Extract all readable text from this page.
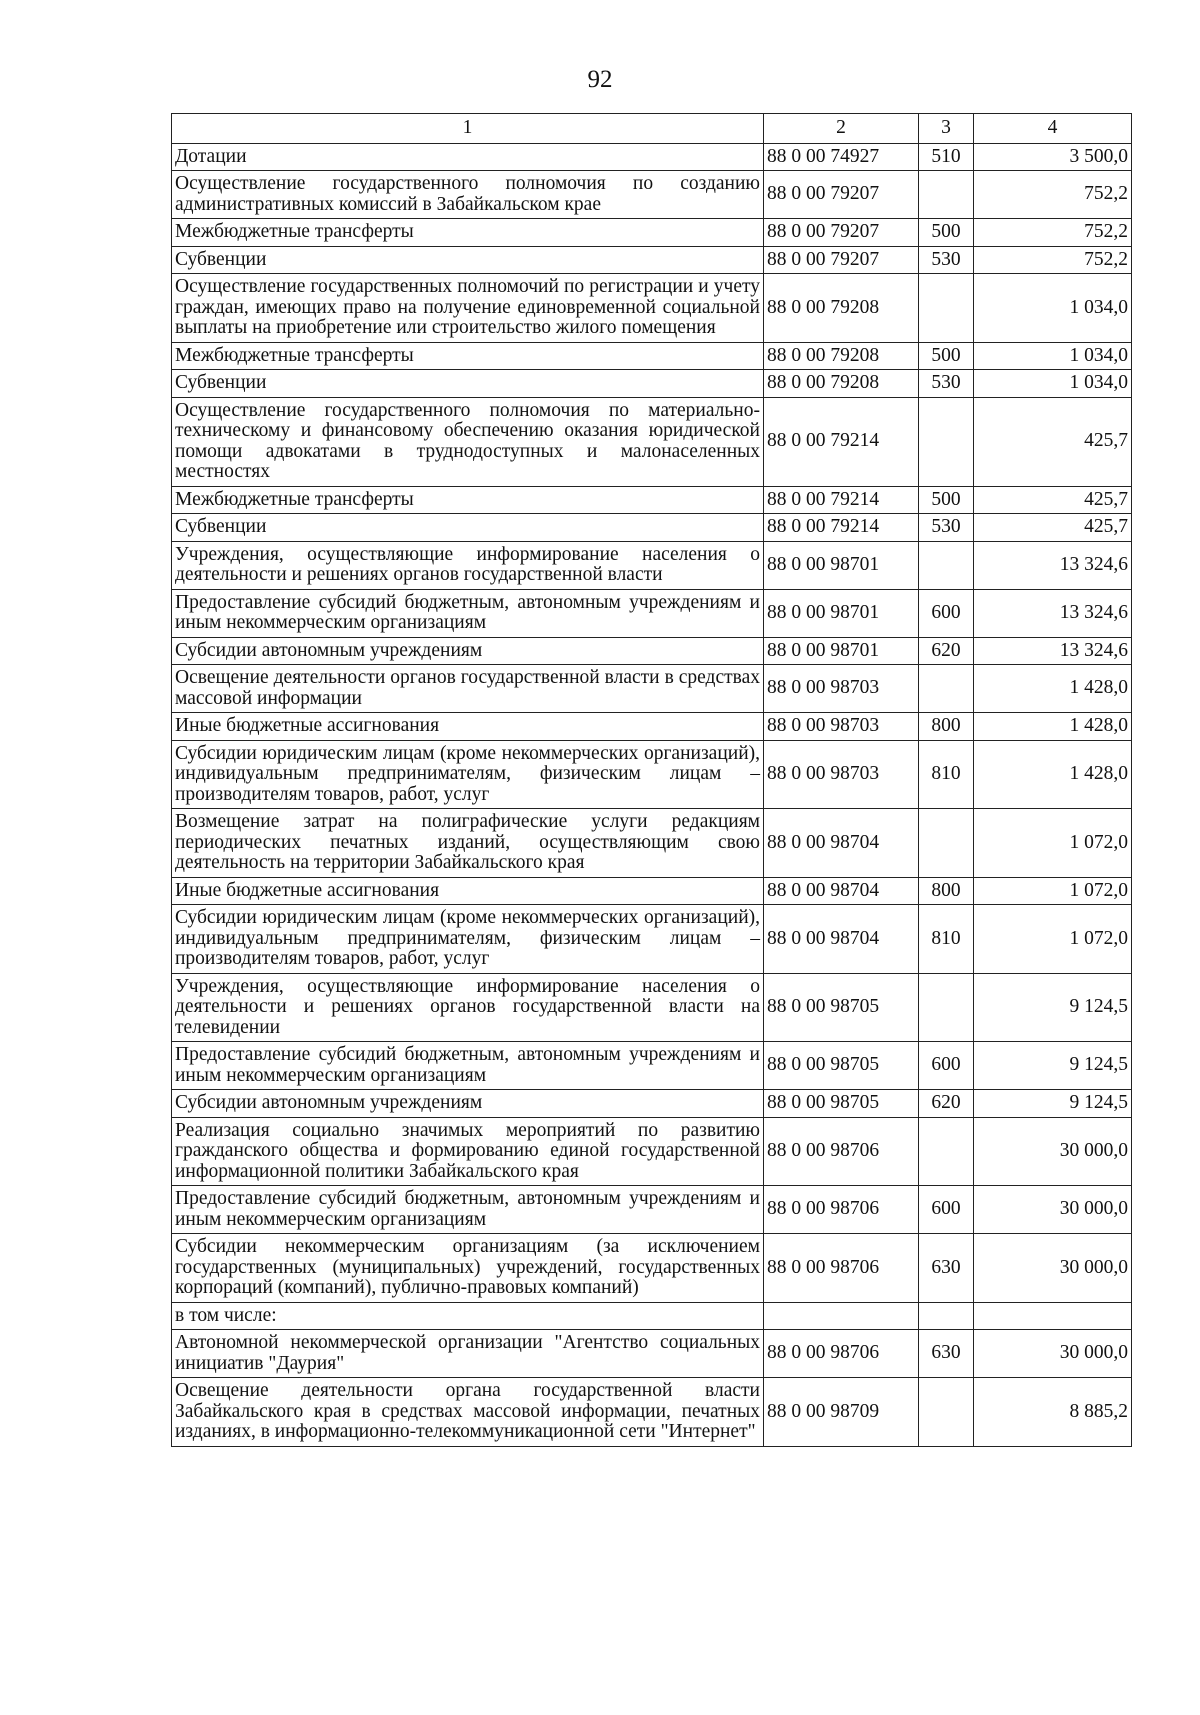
92
1	2	3	4
Дотации	88 0 00 74927	510	3 500,0
Осуществление государственного полномочия по созданию административных комиссий в Забайкальском крае	88 0 00 79207		752,2
Межбюджетные трансферты	88 0 00 79207	500	752,2
Субвенции	88 0 00 79207	530	752,2
Осуществление государственных полномочий по регистрации и учету граждан, имеющих право на получение единовременной социальной выплаты на приобретение или строительство жилого помещения	88 0 00 79208		1 034,0
Межбюджетные трансферты	88 0 00 79208	500	1 034,0
Субвенции	88 0 00 79208	530	1 034,0
Осуществление государственного полномочия по материально-техническому и финансовому обеспечению оказания юридической помощи адвокатами в труднодоступных и малонаселенных местностях	88 0 00 79214		425,7
Межбюджетные трансферты	88 0 00 79214	500	425,7
Субвенции	88 0 00 79214	530	425,7
Учреждения, осуществляющие информирование населения о деятельности и решениях органов государственной власти	88 0 00 98701		13 324,6
Предоставление субсидий бюджетным, автономным учреждениям и иным некоммерческим организациям	88 0 00 98701	600	13 324,6
Субсидии автономным учреждениям	88 0 00 98701	620	13 324,6
Освещение деятельности органов государственной власти в средствах массовой информации	88 0 00 98703		1 428,0
Иные бюджетные ассигнования	88 0 00 98703	800	1 428,0
Субсидии юридическим лицам (кроме некоммерческих организаций), индивидуальным предпринимателям, физическим лицам – производителям товаров, работ, услуг	88 0 00 98703	810	1 428,0
Возмещение затрат на полиграфические услуги редакциям периодических печатных изданий, осуществляющим свою деятельность на территории Забайкальского края	88 0 00 98704		1 072,0
Иные бюджетные ассигнования	88 0 00 98704	800	1 072,0
Субсидии юридическим лицам (кроме некоммерческих организаций), индивидуальным предпринимателям, физическим лицам – производителям товаров, работ, услуг	88 0 00 98704	810	1 072,0
Учреждения, осуществляющие информирование населения о деятельности и решениях органов государственной власти на телевидении	88 0 00 98705		9 124,5
Предоставление субсидий бюджетным, автономным учреждениям и иным некоммерческим организациям	88 0 00 98705	600	9 124,5
Субсидии автономным учреждениям	88 0 00 98705	620	9 124,5
Реализация социально значимых мероприятий по развитию гражданского общества и формированию единой государственной информационной политики Забайкальского края	88 0 00 98706		30 000,0
Предоставление субсидий бюджетным, автономным учреждениям и иным некоммерческим организациям	88 0 00 98706	600	30 000,0
Субсидии некоммерческим организациям (за исключением государственных (муниципальных) учреждений, государственных корпораций (компаний), публично-правовых компаний)	88 0 00 98706	630	30 000,0
в том числе:			
Автономной некоммерческой организации "Агентство социальных инициатив "Даурия"	88 0 00 98706	630	30 000,0
Освещение деятельности органа государственной власти Забайкальского края в средствах массовой информации, печатных изданиях, в информационно-телекоммуникационной сети "Интернет"	88 0 00 98709		8 885,2
